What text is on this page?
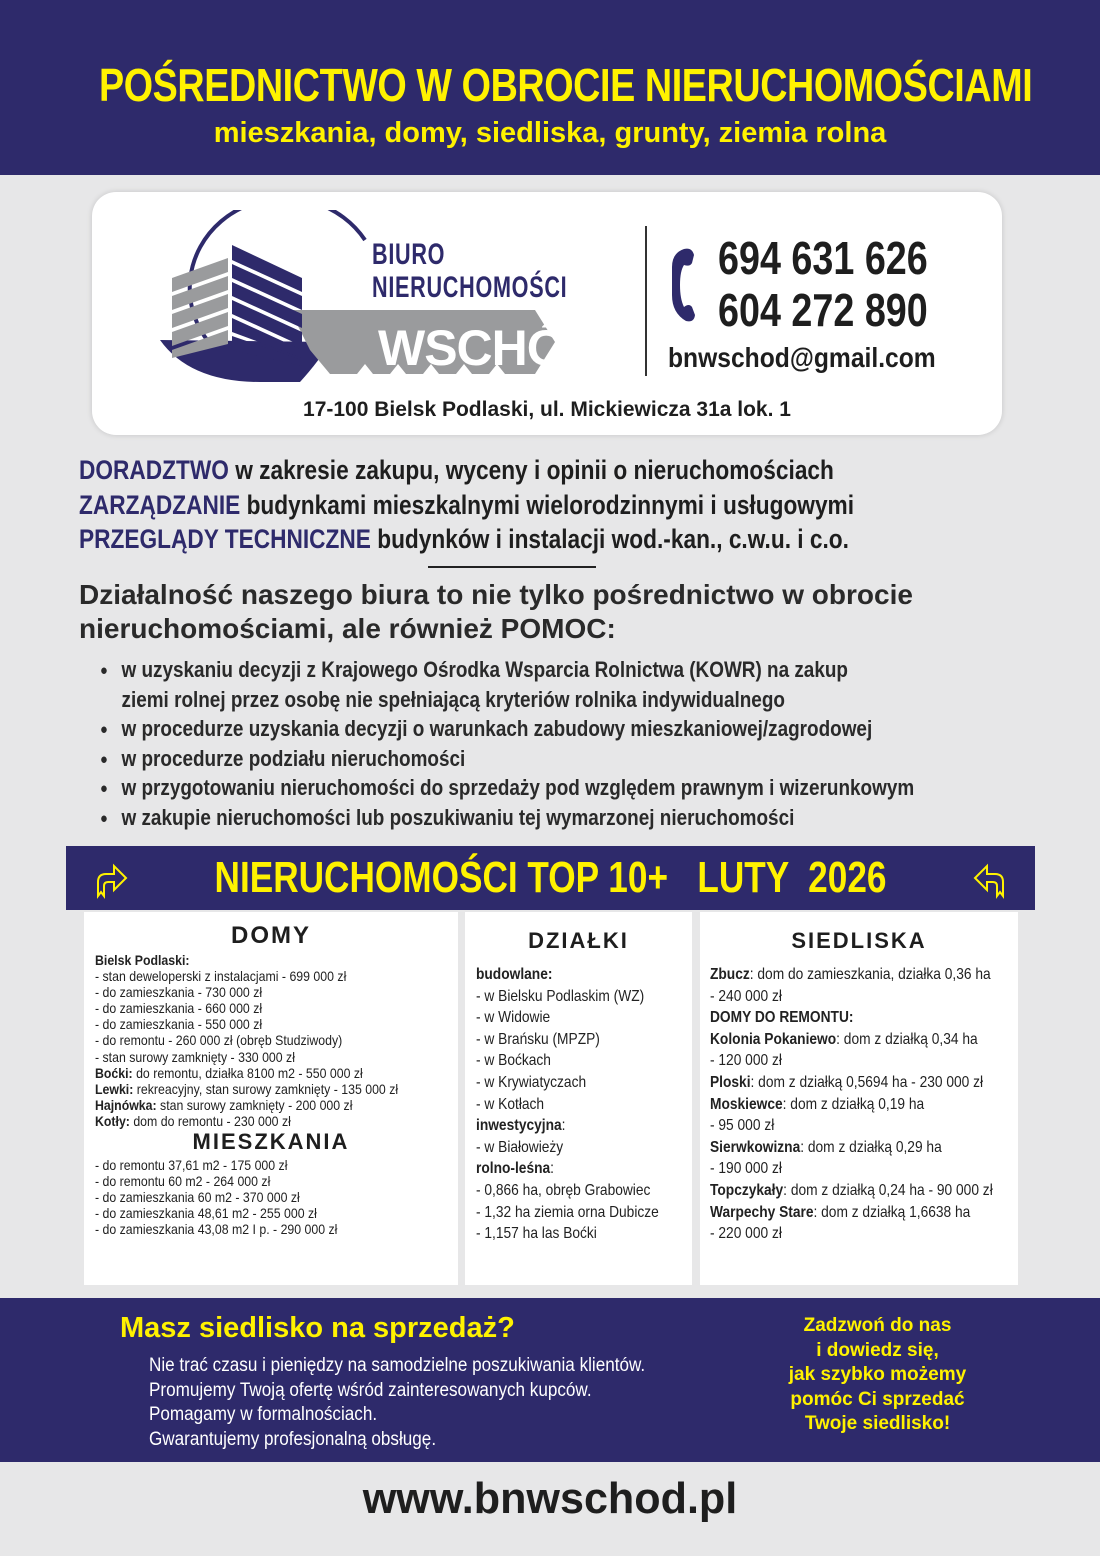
POŚREDNICTWO W OBROCIE NIERUCHOMOŚCIAMI
mieszkania, domy, siedliska, grunty, ziemia rolna
BIURO
NIERUCHOMOŚCI
WSCHÓD
694 631 626
604 272 890
bnwschod@gmail.com
17-100 Bielsk Podlaski, ul. Mickiewicza 31a lok. 1
DORADZTWO w zakresie zakupu, wyceny i opinii o nieruchomościach
ZARZĄDZANIE budynkami mieszkalnymi wielorodzinnymi i usługowymi
PRZEGLĄDY TECHNICZNE budynków i instalacji wod.-kan., c.w.u. i c.o.
Działalność naszego biura to nie tylko pośrednictwo w obrocie nieruchomościami, ale również POMOC:
● w uzyskaniu decyzji z Krajowego Ośrodka Wsparcia Rolnictwa (KOWR) na zakup
ziemi rolnej przez osobę nie spełniającą kryteriów rolnika indywidualnego
● w procedurze uzyskania decyzji o warunkach zabudowy mieszkaniowej/zagrodowej
● w procedurze podziału nieruchomości
● w przygotowaniu nieruchomości do sprzedaży pod względem prawnym i wizerunkowym
● w zakupie nieruchomości lub poszukiwaniu tej wymarzonej nieruchomości
NIERUCHOMOŚCI TOP 10+   LUTY  2026
DOMY
Bielsk Podlaski:
- stan deweloperski z instalacjami - 699 000 zł
- do zamieszkania - 730 000 zł
- do zamieszkania - 660 000 zł
- do zamieszkania - 550 000 zł
- do remontu - 260 000 zł (obręb Studziwody)
- stan surowy zamknięty - 330 000 zł
Boćki: do remontu, działka 8100 m2 - 550 000 zł
Lewki: rekreacyjny, stan surowy zamknięty - 135 000 zł
Hajnówka: stan surowy zamknięty - 200 000 zł
Kotły: dom do remontu - 230 000 zł
MIESZKANIA
- do remontu 37,61 m2 - 175 000 zł
- do remontu 60 m2 - 264 000 zł
- do zamieszkania 60 m2 - 370 000 zł
- do zamieszkania 48,61 m2 - 255 000 zł
- do zamieszkania 43,08 m2 I p. - 290 000 zł
DZIAŁKI
budowlane:
- w Bielsku Podlaskim (WZ)
- w Widowie
- w Brańsku (MPZP)
- w Boćkach
- w Krywiatyczach
- w Kotłach
inwestycyjna:
- w Białowieży
rolno-leśna:
- 0,866 ha, obręb Grabowiec
- 1,32 ha ziemia orna Dubicze
- 1,157 ha las Boćki
SIEDLISKA
Zbucz: dom do zamieszkania, działka 0,36 ha
- 240 000 zł
DOMY DO REMONTU:
Kolonia Pokaniewo: dom z działką 0,34 ha
- 120 000 zł
Ploski: dom z działką 0,5694 ha - 230 000 zł
Moskiewce: dom z działką 0,19 ha
- 95 000 zł
Sierwkowizna: dom z działką 0,29 ha
- 190 000 zł
Topczykały: dom z działką 0,24 ha - 90 000 zł
Warpechy Stare: dom z działką 1,6638 ha
- 220 000 zł
Masz siedlisko na sprzedaż?
Nie trać czasu i pieniędzy na samodzielne poszukiwania klientów.
Promujemy Twoją ofertę wśród zainteresowanych kupców.
Pomagamy w formalnościach.
Gwarantujemy profesjonalną obsługę.
Zadzwoń do nas
i dowiedz się,
jak szybko możemy
pomóc Ci sprzedać
Twoje siedlisko!
www.bnwschod.pl
